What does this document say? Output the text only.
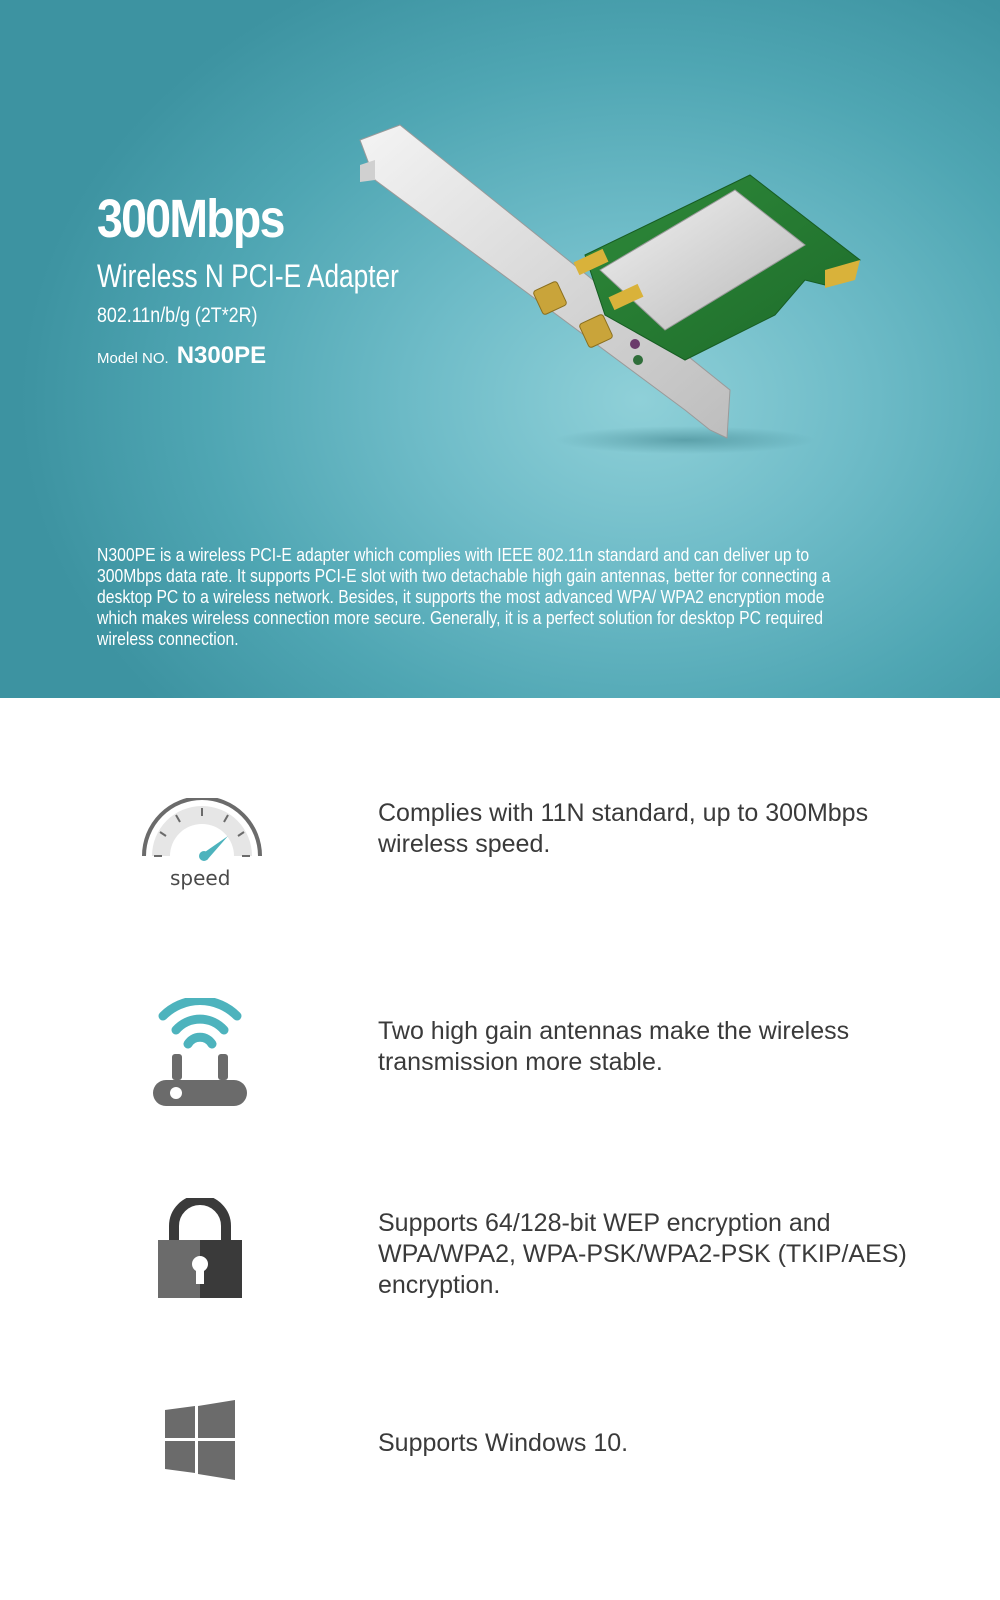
300Mbps
Wireless N PCI-E Adapter
802.11n/b/g (2T*2R)
Model NO. N300PE
N300PE is a wireless PCI-E adapter which complies with IEEE 802.11n standard and can deliver up to 300Mbps data rate. It supports PCI-E slot with two detachable high gain antennas, better for connecting a desktop PC to a wireless network. Besides, it supports the most advanced WPA/ WPA2 encryption mode which makes wireless connection more secure. Generally, it is a perfect solution for desktop PC required wireless connection.
speed
Complies with 11N standard, up to 300Mbps wireless speed.
Two high gain antennas make the wireless transmission more stable.
Supports 64/128-bit WEP encryption and WPA/WPA2, WPA-PSK/WPA2-PSK (TKIP/AES) encryption.
Supports Windows 10.
